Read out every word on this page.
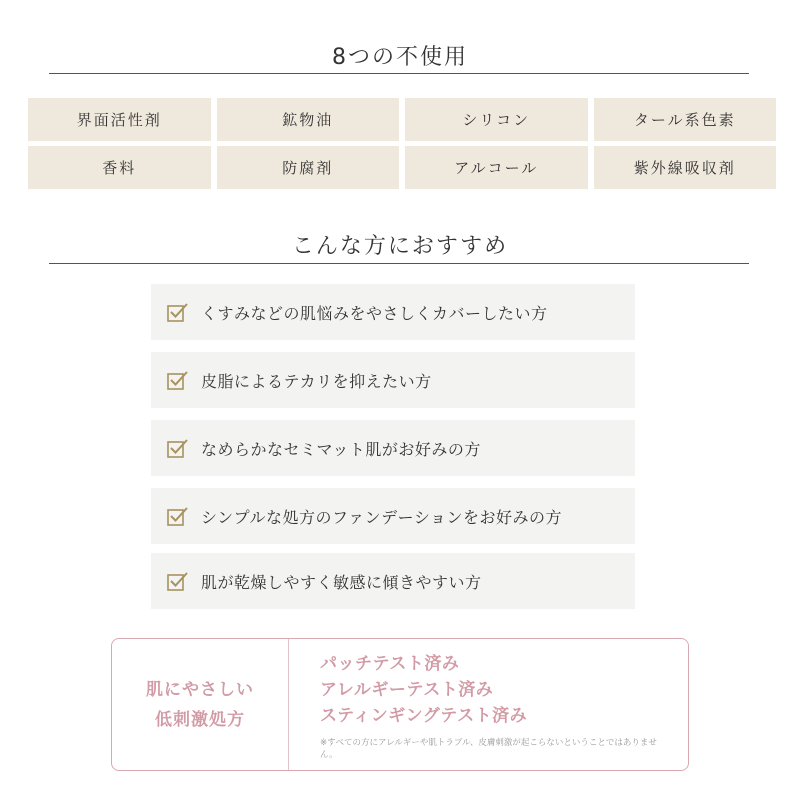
8つの不使用
界面活性剤	鉱物油	シリコン	タール系色素
香料	防腐剤	アルコール	紫外線吸収剤
こんな方におすすめ
くすみなどの肌悩みをやさしくカバーしたい方
皮脂によるテカリを抑えたい方
なめらかなセミマット肌がお好みの方
シンプルな処方のファンデーションをお好みの方
肌が乾燥しやすく敏感に傾きやすい方
肌にやさしい
低刺激処方
パッチテスト済み
アレルギーテスト済み
スティンギングテスト済み
※すべての方にアレルギーや肌トラブル、皮膚刺激が起こらないということではありません。
